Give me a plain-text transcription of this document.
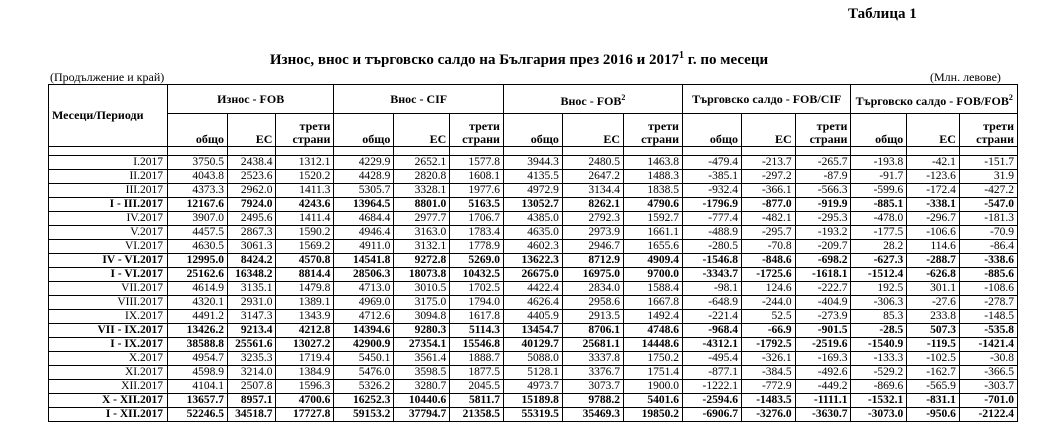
Таблица 1
Износ, внос и търговско салдо на България през 2016 и 2017$^1$ г. по месеци
(Продължение и край)	(Млн. левове)
Месеци/Периоди	Износ - FOB			Внос - CIF			Внос - FOB$^2$			Търговско салдо - FOB/CIF			Търговско салдо - FOB/FOB$^2$
	общо	ЕС	трети страни	общо	ЕС	трети страни	общо	ЕС	трети страни	общо	ЕС	трети страни	общо	ЕС	трети страни

I.2017	3750.5	2438.4	1312.1	4229.9	2652.1	1577.8	3944.3	2480.5	1463.8	-479.4	-213.7	-265.7	-193.8	-42.1	-151.7
II.2017	4043.8	2523.6	1520.2	4428.9	2820.8	1608.1	4135.5	2647.2	1488.3	-385.1	-297.2	-87.9	-91.7	-123.6	31.9
III.2017	4373.3	2962.0	1411.3	5305.7	3328.1	1977.6	4972.9	3134.4	1838.5	-932.4	-366.1	-566.3	-599.6	-172.4	-427.2
I - III.2017	12167.6	7924.0	4243.6	13964.5	8801.0	5163.5	13052.7	8262.1	4790.6	-1796.9	-877.0	-919.9	-885.1	-338.1	-547.0
IV.2017	3907.0	2495.6	1411.4	4684.4	2977.7	1706.7	4385.0	2792.3	1592.7	-777.4	-482.1	-295.3	-478.0	-296.7	-181.3
V.2017	4457.5	2867.3	1590.2	4946.4	3163.0	1783.4	4635.0	2973.9	1661.1	-488.9	-295.7	-193.2	-177.5	-106.6	-70.9
VI.2017	4630.5	3061.3	1569.2	4911.0	3132.1	1778.9	4602.3	2946.7	1655.6	-280.5	-70.8	-209.7	28.2	114.6	-86.4
IV - VI.2017	12995.0	8424.2	4570.8	14541.8	9272.8	5269.0	13622.3	8712.9	4909.4	-1546.8	-848.6	-698.2	-627.3	-288.7	-338.6
I - VI.2017	25162.6	16348.2	8814.4	28506.3	18073.8	10432.5	26675.0	16975.0	9700.0	-3343.7	-1725.6	-1618.1	-1512.4	-626.8	-885.6
VII.2017	4614.9	3135.1	1479.8	4713.0	3010.5	1702.5	4422.4	2834.0	1588.4	-98.1	124.6	-222.7	192.5	301.1	-108.6
VIII.2017	4320.1	2931.0	1389.1	4969.0	3175.0	1794.0	4626.4	2958.6	1667.8	-648.9	-244.0	-404.9	-306.3	-27.6	-278.7
IX.2017	4491.2	3147.3	1343.9	4712.6	3094.8	1617.8	4405.9	2913.5	1492.4	-221.4	52.5	-273.9	85.3	233.8	-148.5
VII - IX.2017	13426.2	9213.4	4212.8	14394.6	9280.3	5114.3	13454.7	8706.1	4748.6	-968.4	-66.9	-901.5	-28.5	507.3	-535.8
I - IX.2017	38588.8	25561.6	13027.2	42900.9	27354.1	15546.8	40129.7	25681.1	14448.6	-4312.1	-1792.5	-2519.6	-1540.9	-119.5	-1421.4
X.2017	4954.7	3235.3	1719.4	5450.1	3561.4	1888.7	5088.0	3337.8	1750.2	-495.4	-326.1	-169.3	-133.3	-102.5	-30.8
XI.2017	4598.9	3214.0	1384.9	5476.0	3598.5	1877.5	5128.1	3376.7	1751.4	-877.1	-384.5	-492.6	-529.2	-162.7	-366.5
XII.2017	4104.1	2507.8	1596.3	5326.2	3280.7	2045.5	4973.7	3073.7	1900.0	-1222.1	-772.9	-449.2	-869.6	-565.9	-303.7
X - XII.2017	13657.7	8957.1	4700.6	16252.3	10440.6	5811.7	15189.8	9788.2	5401.6	-2594.6	-1483.5	-1111.1	-1532.1	-831.1	-701.0
I - XII.2017	52246.5	34518.7	17727.8	59153.2	37794.7	21358.5	55319.5	35469.3	19850.2	-6906.7	-3276.0	-3630.7	-3073.0	-950.6	-2122.4
